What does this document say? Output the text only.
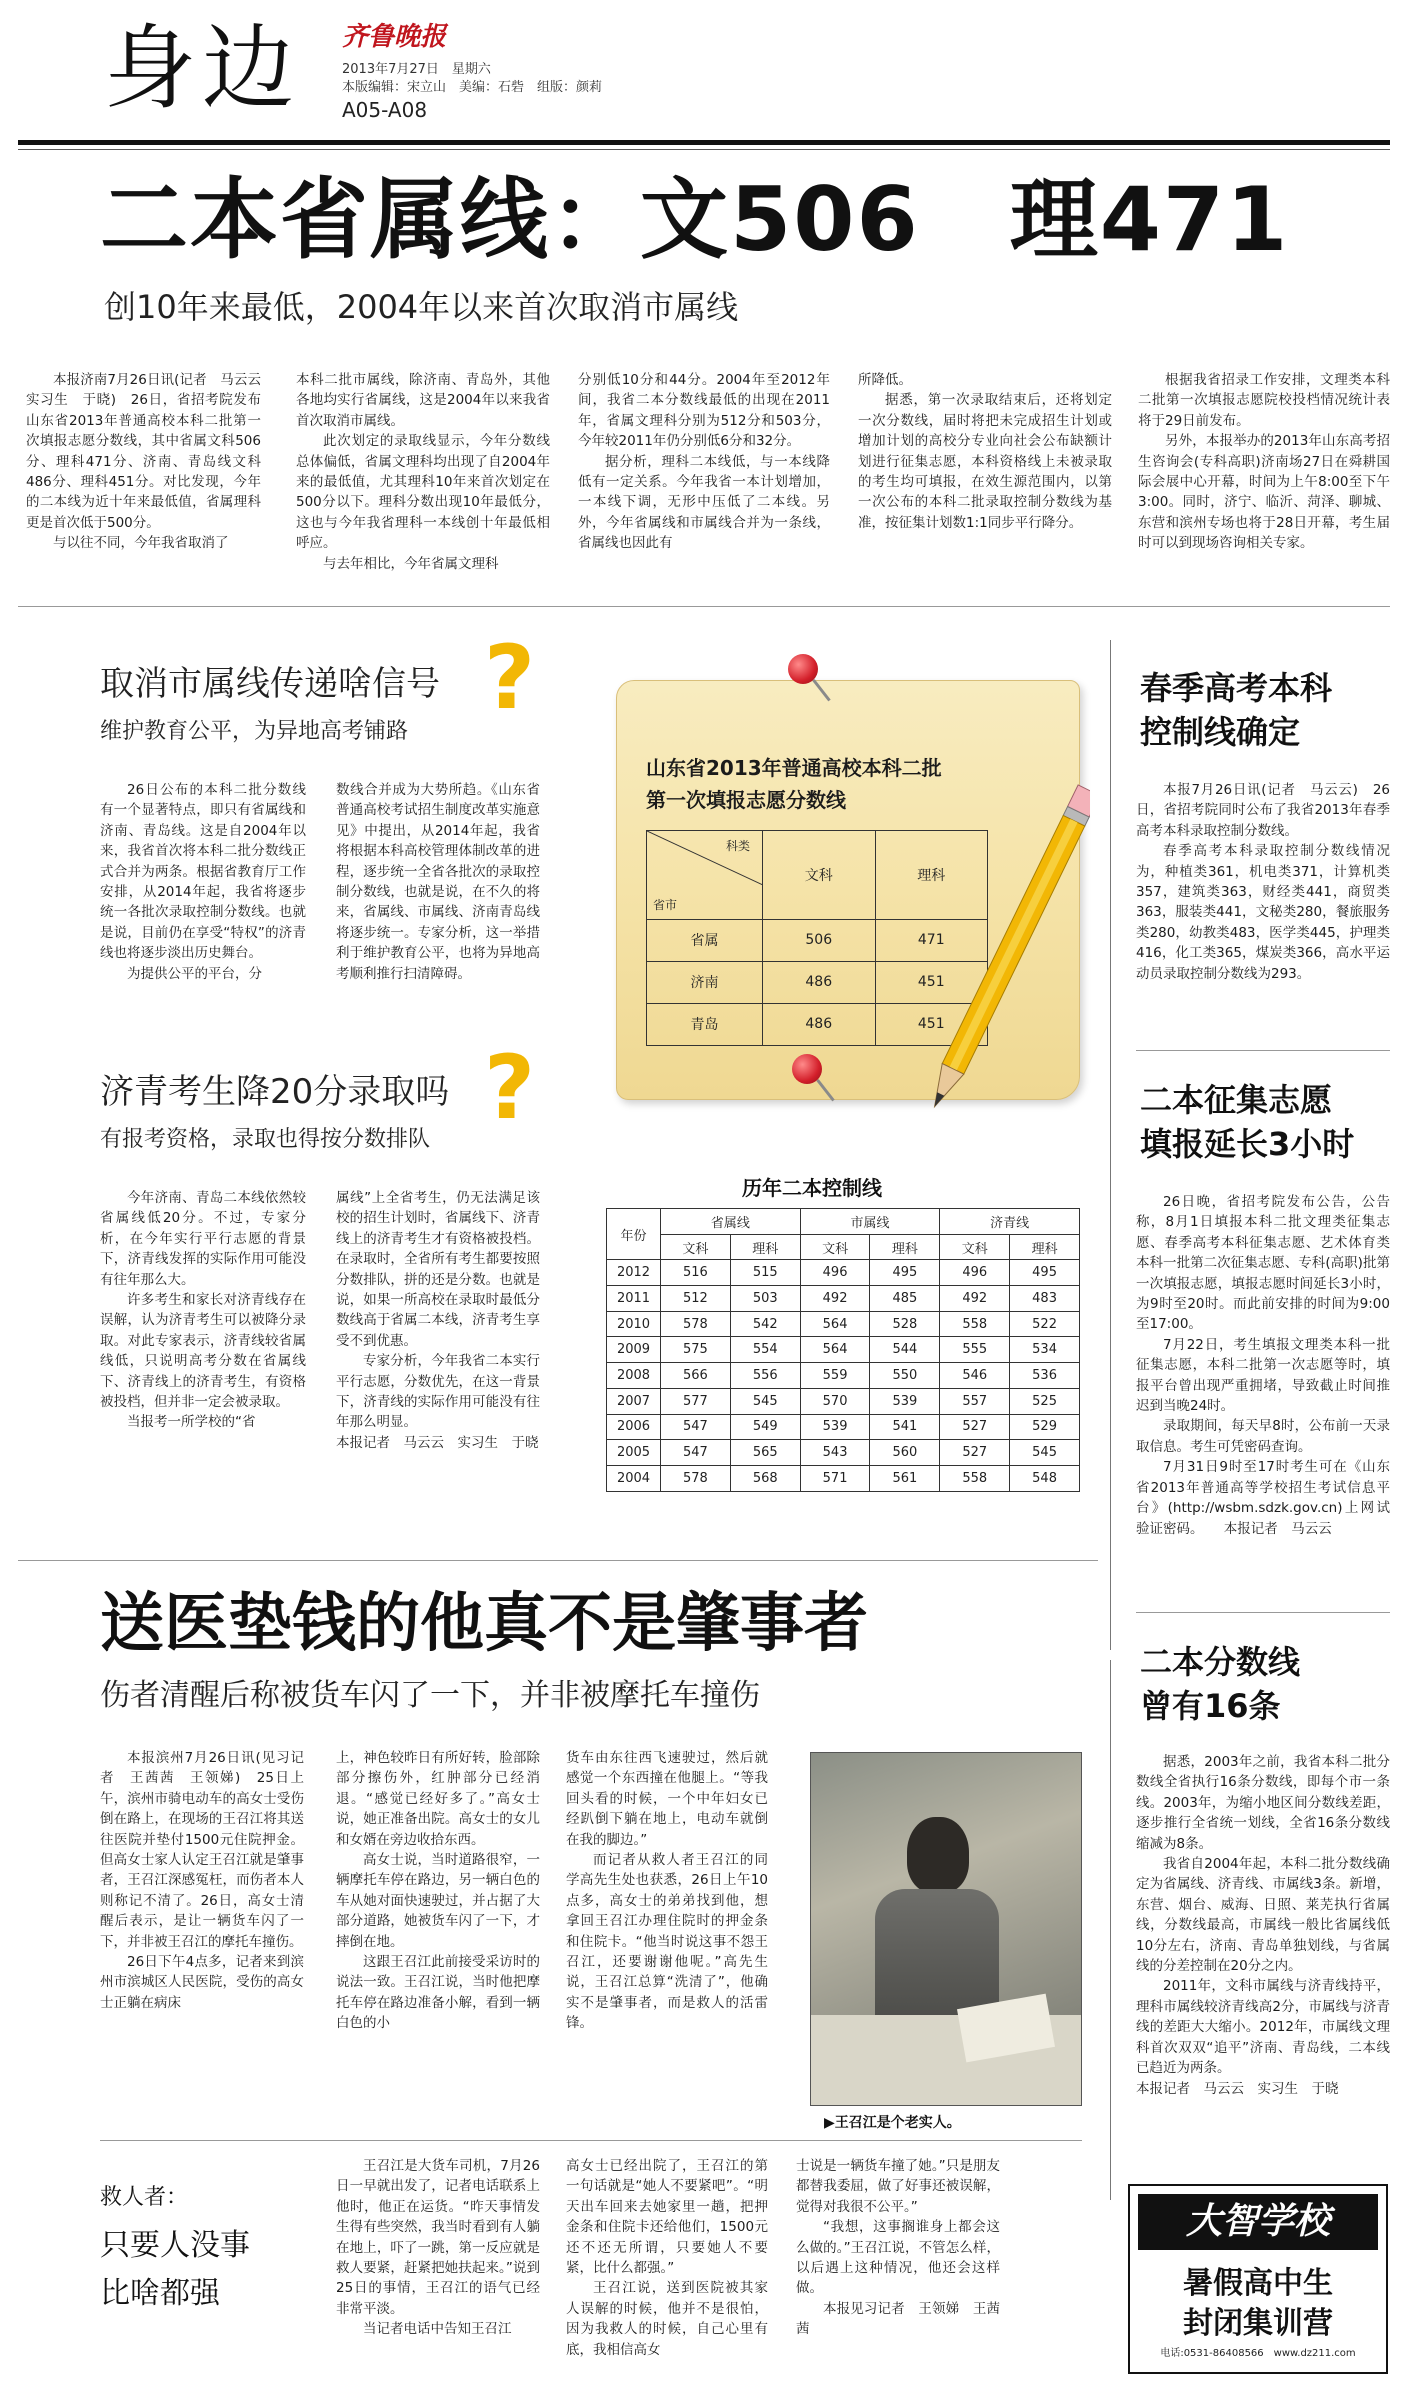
身边 齐鲁晚报
2013年7月27日　星期六
本版编辑：宋立山　美编：石砦　组版：颜莉
A05-A08
二本省属线：文506　理471
创10年来最低，2004年以来首次取消市属线

本报济南7月26日讯(记者　马云云　实习生　于晓)　26日，省招考院发布山东省2013年普通高校本科二批第一次填报志愿分数线，其中省属文科506分、理科471分、济南、青岛线文科486分、理科451分。对比发现，今年的二本线为近十年来最低值，省属理科更是首次低于500分。

与以往不同，今年我省取消了

本科二批市属线，除济南、青岛外，其他各地均实行省属线，这是2004年以来我省首次取消市属线。

此次划定的录取线显示，今年分数线总体偏低，省属文理科均出现了自2004年来的最低值，尤其理科10年来首次划定在500分以下。理科分数出现10年最低分，这也与今年我省理科一本线创十年最低相呼应。

与去年相比，今年省属文理科

分别低10分和44分。2004年至2012年间，我省二本分数线最低的出现在2011年，省属文理科分别为512分和503分，今年较2011年仍分别低6分和32分。

据分析，理科二本线低，与一本线降低有一定关系。今年我省一本计划增加，一本线下调，无形中压低了二本线。另外，今年省属线和市属线合并为一条线，省属线也因此有

所降低。

据悉，第一次录取结束后，还将划定一次分数线，届时将把未完成招生计划或增加计划的高校分专业向社会公布缺额计划进行征集志愿，本科资格线上未被录取的考生均可填报，在效生源范围内，以第一次公布的本科二批录取控制分数线为基准，按征集计划数1:1同步平行降分。

根据我省招录工作安排，文理类本科二批第一次填报志愿院校投档情况统计表将于29日前发布。

另外，本报举办的2013年山东高考招生咨询会(专科高职)济南场27日在舜耕国际会展中心开幕，时间为上午8:00至下午3:00。同时，济宁、临沂、菏泽、聊城、东营和滨州专场也将于28日开幕，考生届时可以到现场咨询相关专家。

取消市属线传递啥信号 ?
维护教育公平，为异地高考铺路

26日公布的本科二批分数线有一个显著特点，即只有省属线和济南、青岛线。这是自2004年以来，我省首次将本科二批分数线正式合并为两条。根据省教育厅工作安排，从2014年起，我省将逐步统一各批次录取控制分数线。也就是说，目前仍在享受“特权”的济青线也将逐步淡出历史舞台。

为提供公平的平台，分

数线合并成为大势所趋。《山东省普通高校考试招生制度改革实施意见》中提出，从2014年起，我省将根据本科高校管理体制改革的进程，逐步统一全省各批次的录取控制分数线，也就是说，在不久的将来，省属线、市属线、济南青岛线将逐步统一。专家分析，这一举措利于维护教育公平，也将为异地高考顺利推行扫清障碍。

济青考生降20分录取吗 ?
有报考资格，录取也得按分数排队

今年济南、青岛二本线依然较省属线低20分。不过，专家分析，在今年实行平行志愿的背景下，济青线发挥的实际作用可能没有往年那么大。

许多考生和家长对济青线存在误解，认为济青考生可以被降分录取。对此专家表示，济青线较省属线低，只说明高考分数在省属线下、济青线上的济青考生，有资格被投档，但并非一定会被录取。

当报考一所学校的“省

属线”上全省考生，仍无法满足该校的招生计划时，省属线下、济青线上的济青考生才有资格被投档。在录取时，全省所有考生都要按照分数排队，拼的还是分数。也就是说，如果一所高校在录取时最低分数线高于省属二本线，济青考生享受不到优惠。

专家分析，今年我省二本实行平行志愿，分数优先，在这一背景下，济青线的实际作用可能没有往年那么明显。

本报记者　马云云　实习生　于晓

山东省2013年普通高校本科二批
第一次填报志愿分数线
科类
省市	文科	理科
省属	506	471
济南	486	451
青岛	486	451
历年二本控制线
年份	省属线		市属线		济青线	
	文科	理科	文科	理科	文科	理科
2012	516	515	496	495	496	495
2011	512	503	492	485	492	483
2010	578	542	564	528	558	522
2009	575	554	564	544	555	534
2008	566	556	559	550	546	536
2007	577	545	570	539	557	525
2006	547	549	539	541	527	529
2005	547	565	543	560	527	545
2004	578	568	571	561	558	548
春季高考本科
控制线确定

本报7月26日讯(记者　马云云)　26日，省招考院同时公布了我省2013年春季高考本科录取控制分数线。

春季高考本科录取控制分数线情况为，种植类361，机电类371，计算机类357，建筑类363，财经类441，商贸类363，服装类441，文秘类280，餐旅服务类280，幼教类483，医学类445，护理类416，化工类365，煤炭类366，高水平运动员录取控制分数线为293。

二本征集志愿
填报延长3小时

26日晚，省招考院发布公告，公告称，8月1日填报本科二批文理类征集志愿、春季高考本科征集志愿、艺术体育类本科一批第二次征集志愿、专科(高职)批第一次填报志愿，填报志愿时间延长3小时，为9时至20时。而此前安排的时间为9:00至17:00。

7月22日，考生填报文理类本科一批征集志愿，本科二批第一次志愿等时，填报平台曾出现严重拥堵，导致截止时间推迟到当晚24时。

录取期间，每天早8时，公布前一天录取信息。考生可凭密码查询。

7月31日9时至17时考生可在《山东省2013年普通高等学校招生考试信息平台》(http://wsbm.sdzk.gov.cn)上网试验证密码。　　本报记者　马云云

二本分数线
曾有16条

据悉，2003年之前，我省本科二批分数线全省执行16条分数线，即每个市一条线。2003年，为缩小地区间分数线差距，逐步推行全省统一划线，全省16条分数线缩减为8条。

我省自2004年起，本科二批分数线确定为省属线、济青线、市属线3条。新增，东营、烟台、威海、日照、莱芜执行省属线，分数线最高，市属线一般比省属线低10分左右，济南、青岛单独划线，与省属线的分差控制在20分之内。

2011年，文科市属线与济青线持平，理科市属线较济青线高2分，市属线与济青线的差距大大缩小。2012年，市属线文理科首次双双“追平”济南、青岛线，二本线已趋近为两条。

本报记者　马云云　实习生　于晓

送医垫钱的他真不是肇事者
伤者清醒后称被货车闪了一下，并非被摩托车撞伤

本报滨州7月26日讯(见习记者　王茜茜　王领娣)　25日上午，滨州市骑电动车的高女士受伤倒在路上，在现场的王召江将其送往医院并垫付1500元住院押金。但高女士家人认定王召江就是肇事者，王召江深感冤枉，而伤者本人则称记不清了。26日，高女士清醒后表示，是让一辆货车闪了一下，并非被王召江的摩托车撞伤。

26日下午4点多，记者来到滨州市滨城区人民医院，受伤的高女士正躺在病床

上，神色较昨日有所好转，脸部除部分擦伤外，红肿部分已经消退。“感觉已经好多了。”高女士说，她正准备出院。高女士的女儿和女婿在旁边收拾东西。

高女士说，当时道路很窄，一辆摩托车停在路边，另一辆白色的车从她对面快速驶过，并占据了大部分道路，她被货车闪了一下，才摔倒在地。

这跟王召江此前接受采访时的说法一致。王召江说，当时他把摩托车停在路边准备小解，看到一辆白色的小

货车由东往西飞速驶过，然后就感觉一个东西撞在他腿上。“等我回头看的时候，一个中年妇女已经趴倒下躺在地上，电动车就倒在我的脚边。”

而记者从救人者王召江的同学高先生处也获悉，26日上午10点多，高女士的弟弟找到他，想拿回王召江办理住院时的押金条和住院卡。“他当时说这事不怨王召江，还要谢谢他呢。”高先生说，王召江总算“洗清了”，他确实不是肇事者，而是救人的活雷锋。

▶王召江是个老实人。
救人者：
只要人没事
比啥都强

王召江是大货车司机，7月26日一早就出发了，记者电话联系上他时，他正在运货。“昨天事情发生得有些突然，我当时看到有人躺在地上，吓了一跳，第一反应就是救人要紧，赶紧把她扶起来。”说到25日的事情，王召江的语气已经非常平淡。

当记者电话中告知王召江

高女士已经出院了，王召江的第一句话就是“她人不要紧吧”。“明天出车回来去她家里一趟，把押金条和住院卡还给他们，1500元还不还无所谓，只要她人不要紧，比什么都强。”

王召江说，送到医院被其家人误解的时候，他并不是很怕，因为我救人的时候，自己心里有底，我相信高女

士说是一辆货车撞了她。”只是朋友都替我委屈，做了好事还被误解，觉得对我很不公平。”

“我想，这事搁谁身上都会这么做的。”王召江说，不管怎么样，以后遇上这种情况，他还会这样做。

本报见习记者　王领娣　王茜茜

大智学校
暑假高中生
封闭集训营
电话:0531-86408566　www.dz211.com
